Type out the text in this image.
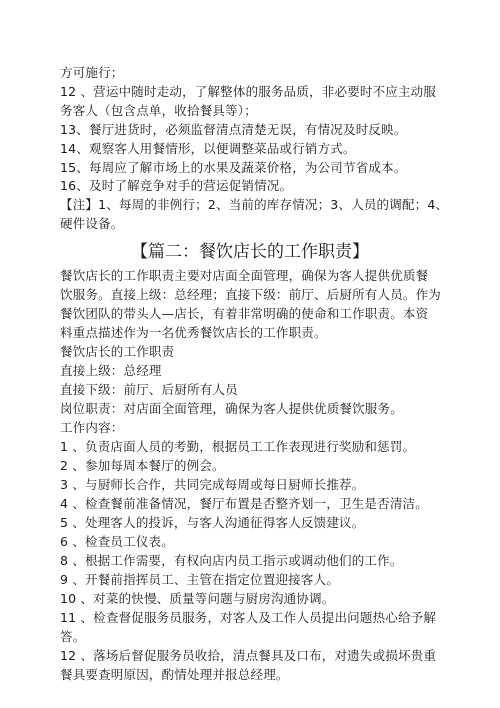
方可施行；
12 、营运中随时走动，了解整体的服务品质，非必要时不应主动服
务客人（包含点单，收拾餐具等）；
13、餐厅进货时，必须监督清点清楚无误，有情况及时反映。
14、观察客人用餐情形，以便调整菜品或行销方式。
15、每周应了解市场上的水果及蔬菜价格，为公司节省成本。
16、及时了解竞争对手的营运促销情况。
【注】1、每周的非例行；2、当前的库存情况；3、人员的调配；4、
硬件设备。
【篇二：餐饮店长的工作职责】
餐饮店长的工作职责主要对店面全面管理，确保为客人提供优质餐
饮服务。直接上级：总经理；直接下级：前厅、后厨所有人员。作为
餐饮团队的带头人—店长，有着非常明确的使命和工作职责。本资
料重点描述作为一名优秀餐饮店长的工作职责。
餐饮店长的工作职责
直接上级：总经理
直接下级：前厅、后厨所有人员
岗位职责：对店面全面管理，确保为客人提供优质餐饮服务。
工作内容：
1 、负责店面人员的考勤，根据员工工作表现进行奖励和惩罚。
2 、参加每周本餐厅的例会。
3 、与厨师长合作，共同完成每周或每日厨师长推荐。
4 、检查餐前准备情况，餐厅布置是否整齐划一，卫生是否清洁。
5 、处理客人的投诉，与客人沟通征得客人反馈建议。
6 、检查员工仪表。
8 、根据工作需要，有权向店内员工指示或调动他们的工作。
9 、开餐前指挥员工、主管在指定位置迎接客人。
10 、对菜的快慢、质量等问题与厨房沟通协调。
11 、检查督促服务员服务，对客人及工作人员提出问题热心给予解
答。
12 、落场后督促服务员收拾，清点餐具及口布，对遗失或损坏贵重
餐具要查明原因，酌情处理并报总经理。
